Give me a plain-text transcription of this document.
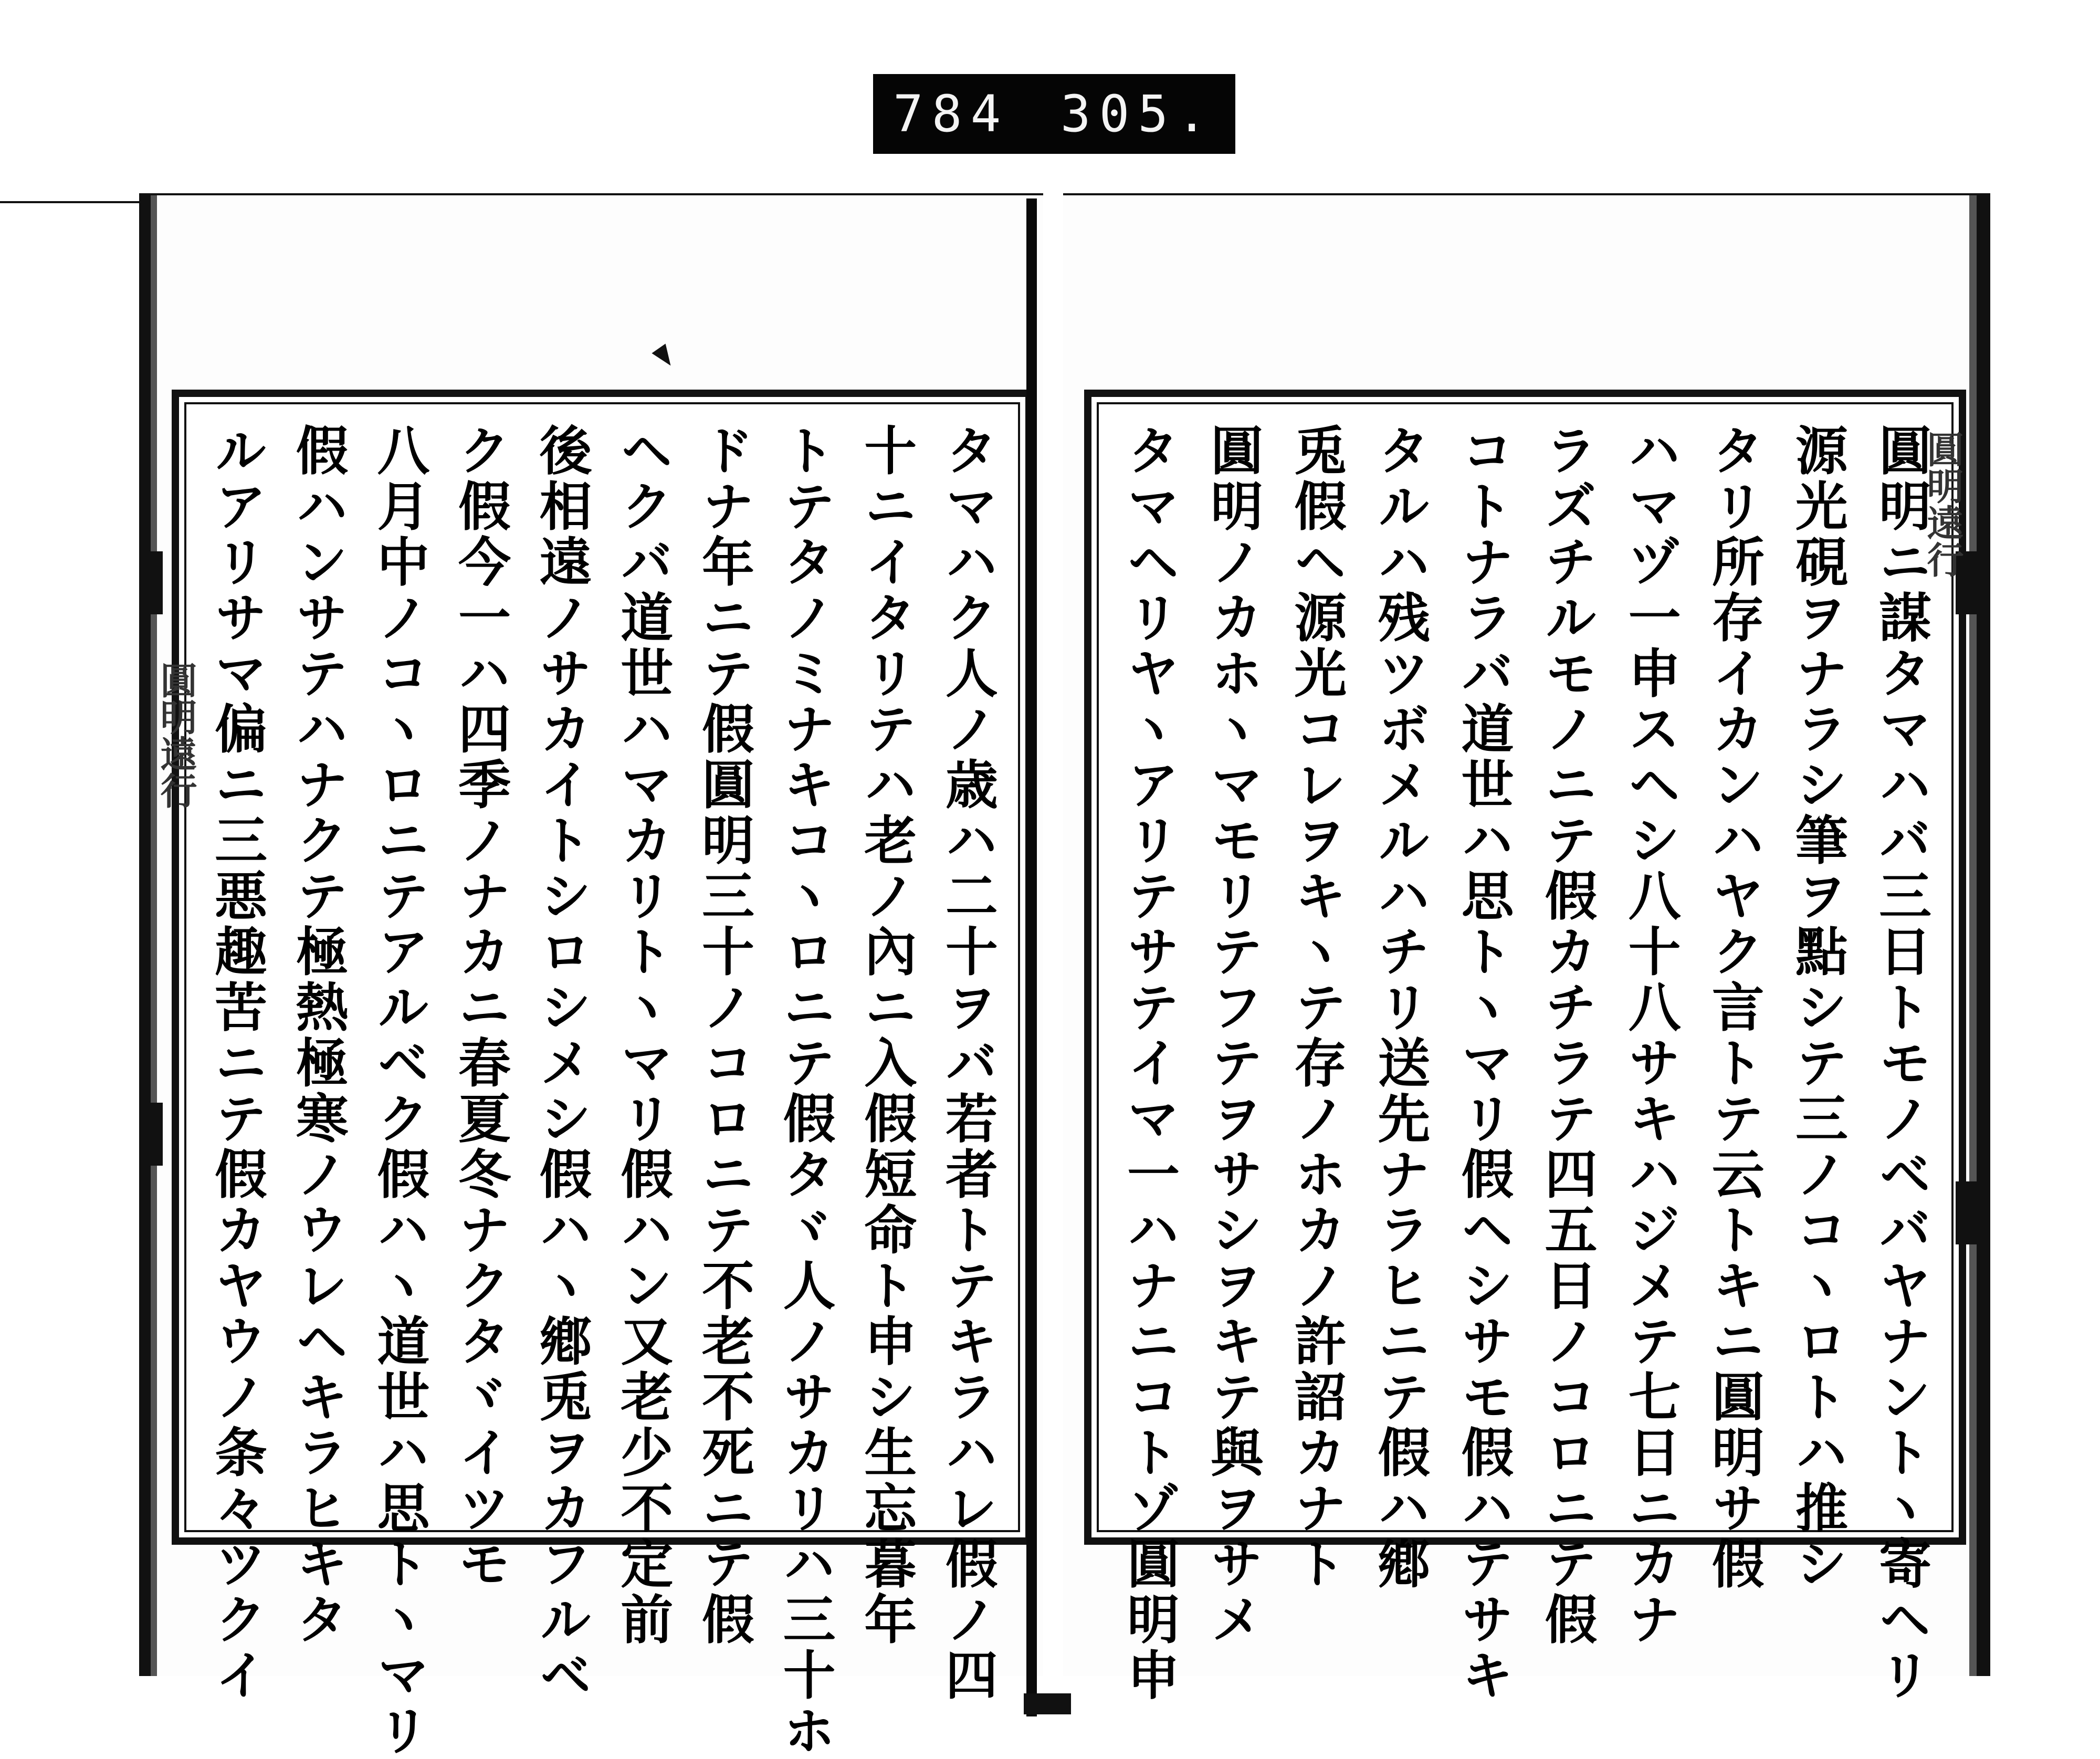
784 305.
タマハク人ノ歳ハ二十ヲバ若者トテキラハレ假ノ四
十ニイタリテハ老ノ內ニ入假短命ト申シ生忘暮年
トテタノミナキコヽロニテ假タヾ人ノサカリハ三十ホ
ドナ年ニテ假圓明三十ノコロニテ不老不死ニテ假
ヘクバ道世ハマカリトヽマリ假ハン又老少不定前
後相遠ノサカイトシロシメシ假ハヽ鄕兎ヲカフルベ
ク假今一ハ四季ノナカニ春夏冬ナクタヾイツモ
八月中ノコヽロニテアルベク假ハヽ道世ハ思トヽマリ
假ハンサテハナクテ極熱極寒ノウレヘキラヒキタ
ルアリサマ偏ニ三悪趣苦ニテ假カヤウノ条々ツクイ	圓明ニ謀タマハバ三日トモノベバヤナントヽ寄ヘリ
源光硯ヲナラシ筆ヲ點シテ三ノコヽロトハ推シ
タリ所存イカンハヤク言トテ云トキニ圓明サ假
ハマヅ一申スヘシ八十八サキハジメテ七日ニカナ
ラズチルモノニテ假カチラテ四五日ノコロニテ假
コトナラバ道世ハ思トヽマリ假ヘシサモ假ハテサキ
タルハ残ツボメルハチリ送先ナラヒニテ假ハ鄕
兎假ヘ源光コレヲキヽテ存ノホカノ許詔カナト
圓明ノカホヽマモリテフテヲサシヲキテ與ヲサメ
タマヘリヤヽアリテサテイマ一ハナニコトゾ圓明申
圓明遠行
圓明遠行
